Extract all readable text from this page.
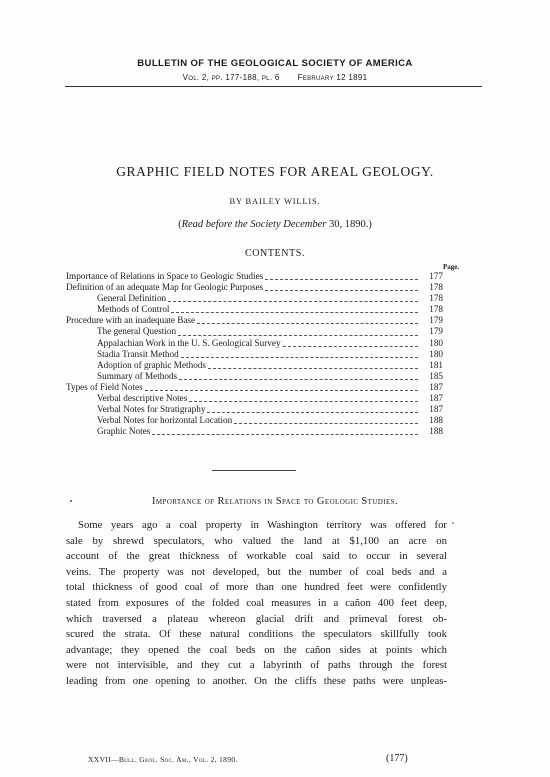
BULLETIN OF THE GEOLOGICAL SOCIETY OF AMERICA
Vol. 2, pp. 177-188, pl. 6 February 12 1891
GRAPHIC FIELD NOTES FOR AREAL GEOLOGY.
BY BAILEY WILLIS.
(Read before the Society December 30, 1890.)
CONTENTS.
Page.
Importance of Relations in Space to Geologic Studies	177
Definition of an adequate Map for Geologic Purposes	178
General Definition	178
Methods of Control	178
Procedure with an inadequate Base	179
The general Question	179
Appalachian Work in the U. S. Geological Survey	180
Stadia Transit Method	180
Adoption of graphic Methods	181
Summary of Methods	185
Types of Field Notes	187
Verbal descriptive Notes	187
Verbal Notes for Stratigraphy	187
Verbal Notes for horizontal Location	188
Graphic Notes	188
Importance of Relations in Space to Geologic Studies.
Some years ago a coal property in Washington territory was offered for
sale by shrewd speculators, who valued the land at $1,100 an acre on
account of the great thickness of workable coal said to occur in several
veins. The property was not developed, but the number of coal beds and a
total thickness of good coal of more than one hundred feet were confidently
stated from exposures of the folded coal measures in a cañon 400 feet deep,
which traversed a plateau whereon glacial drift and primeval forest ob-
scured the strata. Of these natural conditions the speculators skillfully took
advantage; they opened the coal beds on the cañon sides at points which
were not intervisible, and they cut a labyrinth of paths through the forest
leading from one opening to another. On the cliffs these paths were unpleas-
XXVII—Bull. Geol. Soc. Am., Vol. 2, 1890.	(177)
